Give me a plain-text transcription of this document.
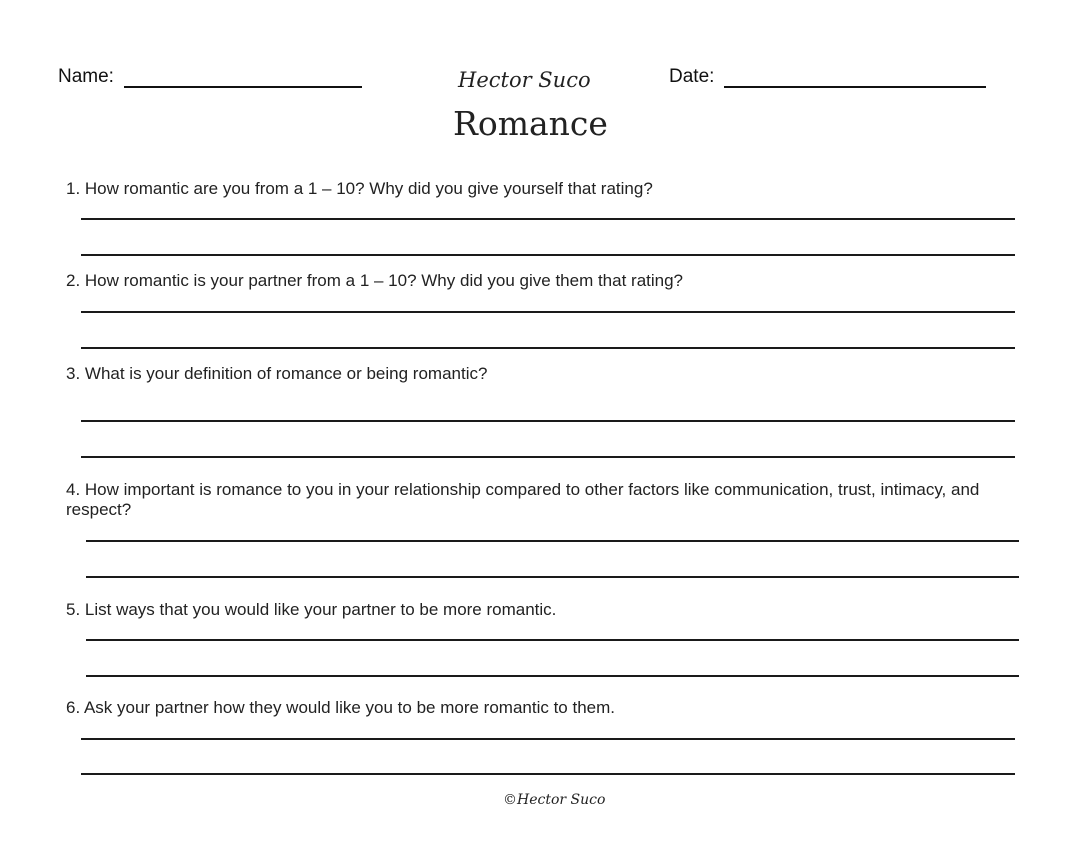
Name:	Hector Suco
Romance
Date:
1. How romantic are you from a 1 – 10? Why did you give yourself that rating?
2. How romantic is your partner from a 1 – 10? Why did you give them that rating?
3. What is your definition of romance or being romantic?
4. How important is romance to you in your relationship compared to other factors like communication, trust, intimacy, and respect?
5. List ways that you would like your partner to be more romantic.
6. Ask your partner how they would like you to be more romantic to them.
©Hector Suco
